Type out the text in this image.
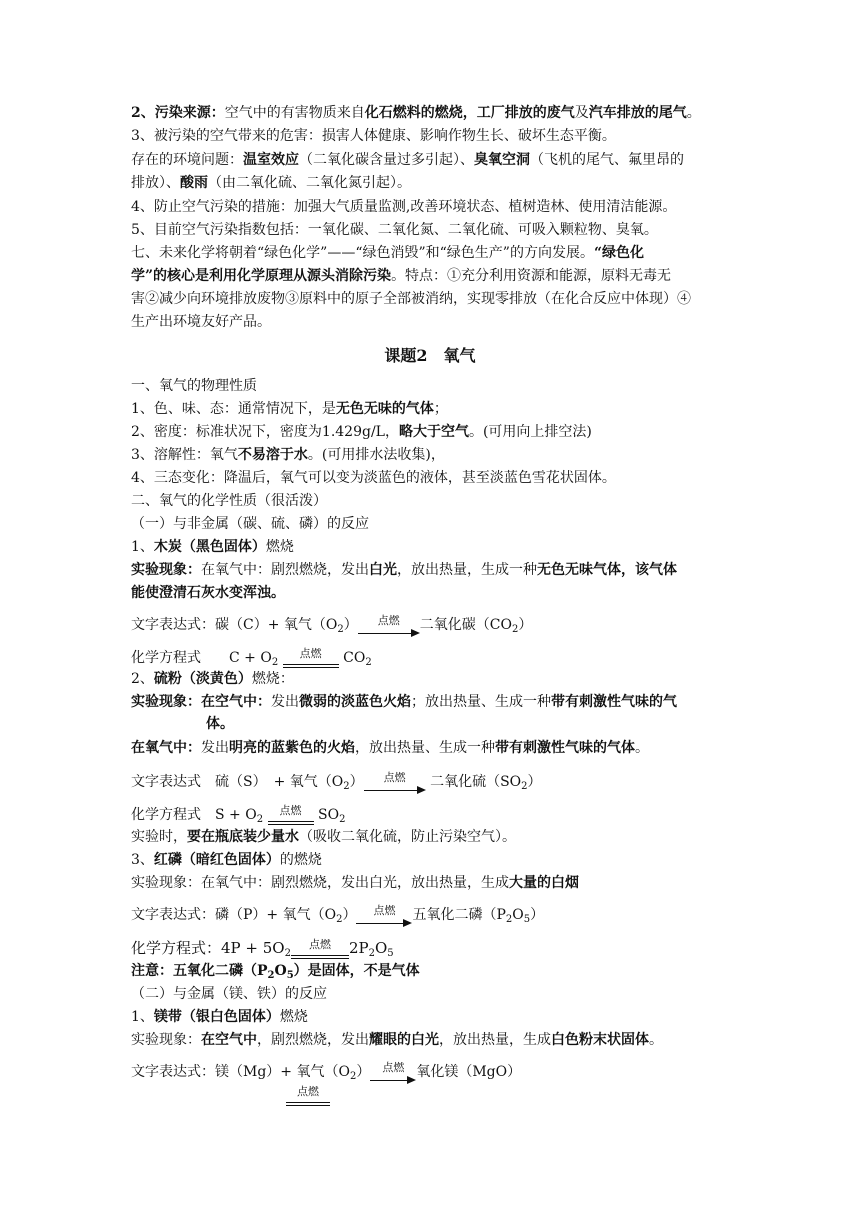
2、污染来源：空气中的有害物质来自化石燃料的燃烧，工厂排放的废气及汽车排放的尾气。
3、被污染的空气带来的危害：损害人体健康、影响作物生长、破坏生态平衡。
存在的环境问题：温室效应（二氧化碳含量过多引起）、臭氧空洞（飞机的尾气、氟里昂的
排放）、酸雨（由二氧化硫、二氧化氮引起）。
4、防止空气污染的措施：加强大气质量监测,改善环境状态、植树造林、使用清洁能源。
5、目前空气污染指数包括：一氧化碳、二氧化氮、二氧化硫、可吸入颗粒物、臭氧。
七、未来化学将朝着“绿色化学”——“绿色消毁”和“绿色生产”的方向发展。“绿色化
学”的核心是利用化学原理从源头消除污染。特点：①充分利用资源和能源，原料无毒无
害②减少向环境排放废物③原料中的原子全部被消纳，实现零排放（在化合反应中体现）④
生产出环境友好产品。
课题2　氧气
一、氧气的物理性质
1、色、味、态：通常情况下，是无色无味的气体；
2、密度：标准状况下，密度为1.429g/L，略大于空气。(可用向上排空法)
3、溶解性：氧气不易溶于水。(可用排水法收集)，
4、三态变化：降温后，氧气可以变为淡蓝色的液体，甚至淡蓝色雪花状固体。
二、氧气的化学性质（很活泼）
（一）与非金属（碳、硫、磷）的反应
1、木炭（黑色固体）燃烧
实验现象：在氧气中：剧烈燃烧，发出白光，放出热量，生成一种无色无味气体，该气体
能使澄清石灰水变浑浊。
文字表达式：碳（C）+ 氧气$(O_2)$	点燃	二氧化碳$(CO_2)$
化学方程式　　$C + O_2$
点燃	$CO_2$
2、硫粉（淡黄色）燃烧：
实验现象：在空气中：发出微弱的淡蓝色火焰；放出热量、生成一种带有刺激性气味的气
体。
在氧气中：发出明亮的蓝紫色的火焰，放出热量、生成一种带有刺激性气味的气体。
文字表达式　硫（S）　+ 氧气$(O_2)$	点燃	二氧化硫$(SO_2)$
化学方程式　$S + O_2$
点燃	$SO_2$
实验时，要在瓶底装少量水（吸收二氧化硫，防止污染空气）。
3、红磷（暗红色固体）的燃烧
实验现象：在氧气中：剧烈燃烧，发出白光，放出热量，生成大量的白烟
文字表达式：磷（P）+ 氧气$(O_2)$	点燃	五氧化二磷$(P_2O_5)$
化学方程式：$4P + 5O_2$
点燃	$2P_2O_5$
注意：五氧化二磷$(P_2O_5)$是固体，不是气体
（二）与金属（镁、铁）的反应
1、镁带（银白色固体）燃烧
实验现象：在空气中，剧烈燃烧，发出耀眼的白光，放出热量，生成白色粉末状固体。
文字表达式：镁（Mg）+ 氧气$(O_2)$	点燃 氧化镁（MgO）
点燃
